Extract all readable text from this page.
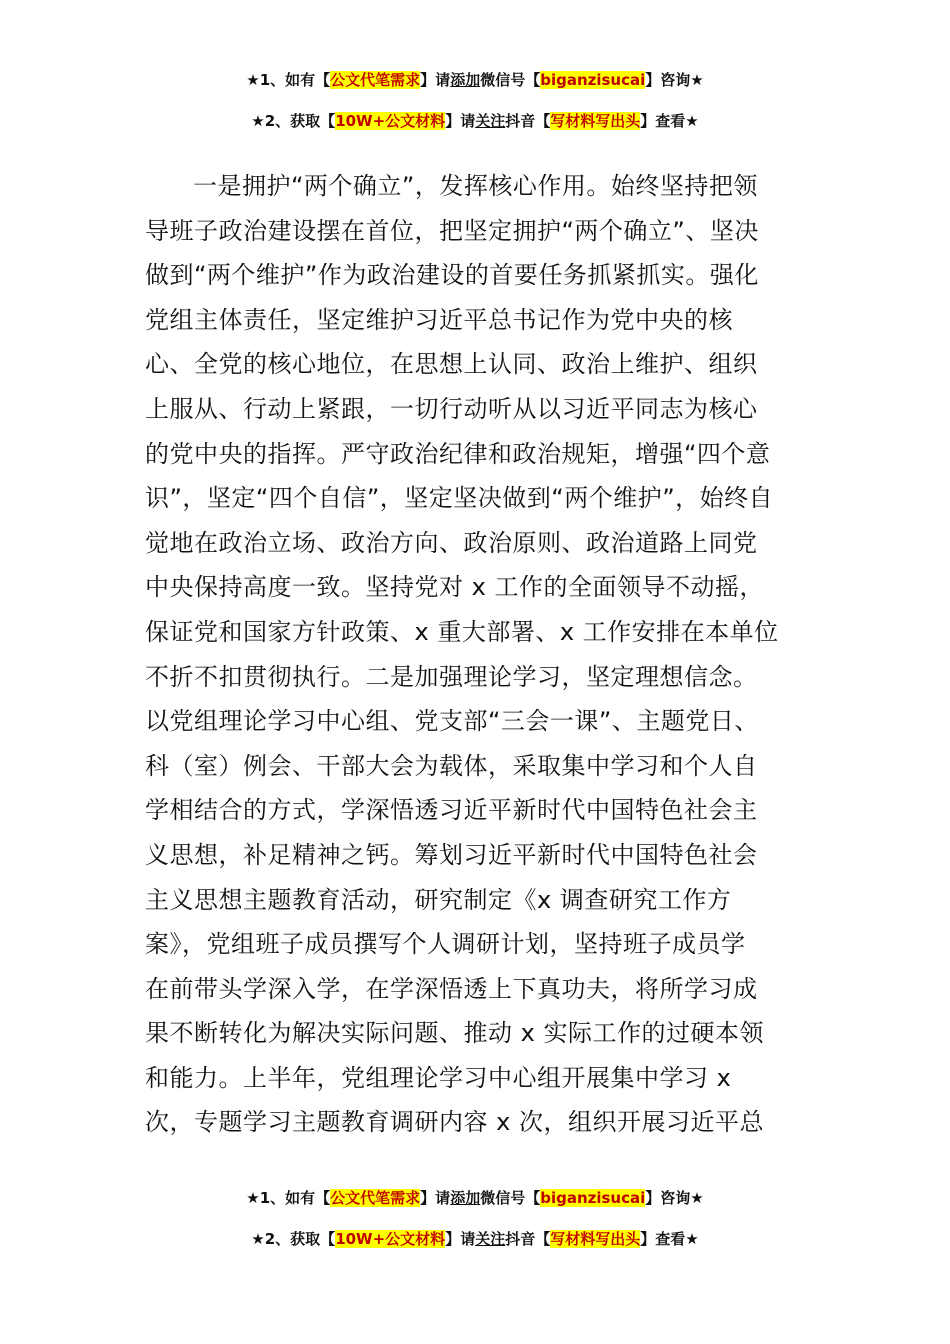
★1、如有【公文代笔需求】请添加微信号【biganzisucai】咨询★
★2、获取【10W+公文材料】请关注抖音【写材料写出头】查看★
一是拥护“两个确立”，发挥核心作用。始终坚持把领
导班子政治建设摆在首位，把坚定拥护“两个确立”、坚决
做到“两个维护”作为政治建设的首要任务抓紧抓实。强化
党组主体责任，坚定维护习近平总书记作为党中央的核
心、全党的核心地位，在思想上认同、政治上维护、组织
上服从、行动上紧跟，一切行动听从以习近平同志为核心
的党中央的指挥。严守政治纪律和政治规矩，增强“四个意
识”，坚定“四个自信”，坚定坚决做到“两个维护”，始终自
觉地在政治立场、政治方向、政治原则、政治道路上同党
中央保持高度一致。坚持党对 x 工作的全面领导不动摇，
保证党和国家方针政策、x 重大部署、x 工作安排在本单位
不折不扣贯彻执行。二是加强理论学习，坚定理想信念。
以党组理论学习中心组、党支部“三会一课”、主题党日、
科（室）例会、干部大会为载体，采取集中学习和个人自
学相结合的方式，学深悟透习近平新时代中国特色社会主
义思想，补足精神之钙。筹划习近平新时代中国特色社会
主义思想主题教育活动，研究制定《x 调查研究工作方
案》，党组班子成员撰写个人调研计划，坚持班子成员学
在前带头学深入学，在学深悟透上下真功夫，将所学习成
果不断转化为解决实际问题、推动 x 实际工作的过硬本领
和能力。上半年，党组理论学习中心组开展集中学习 x
次，专题学习主题教育调研内容 x 次，组织开展习近平总
★1、如有【公文代笔需求】请添加微信号【biganzisucai】咨询★
★2、获取【10W+公文材料】请关注抖音【写材料写出头】查看★
